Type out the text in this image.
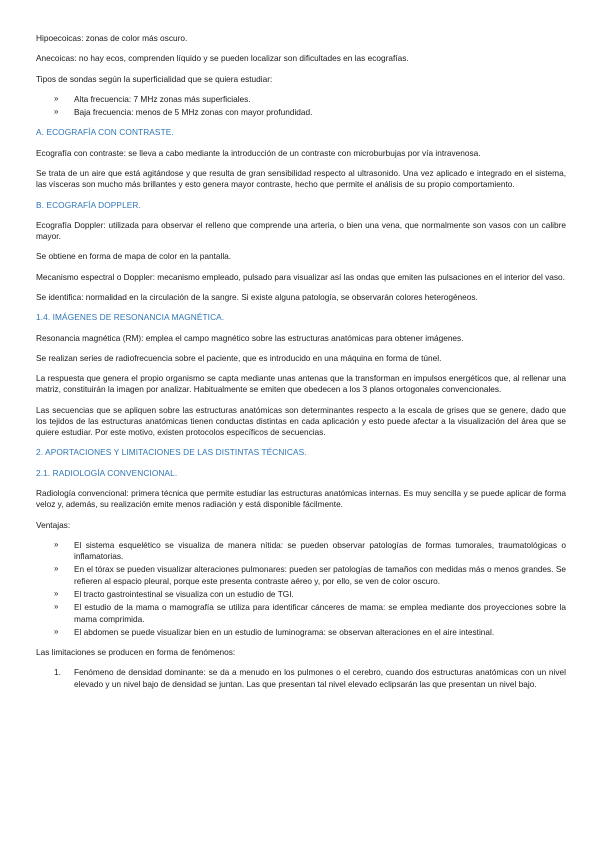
Hipoecoicas: zonas de color más oscuro.

Anecoicas: no hay ecos, comprenden líquido y se pueden localizar son dificultades en las ecografías.

Tipos de sondas según la superficialidad que se quiera estudiar:

» Alta frecuencia: 7 MHz zonas más superficiales.
» Baja frecuencia: menos de 5 MHz zonas con mayor profundidad.
A. ECOGRAFÍA CON CONTRASTE.

Ecografía con contraste: se lleva a cabo mediante la introducción de un contraste con microburbujas por vía intravenosa.

Se trata de un aire que está agitándose y que resulta de gran sensibilidad respecto al ultrasonido. Una vez aplicado e integrado en el sistema, las vísceras son mucho más brillantes y esto genera mayor contraste, hecho que permite el análisis de su propio comportamiento.

B. ECOGRAFÍA DOPPLER.

Ecografía Doppler: utilizada para observar el relleno que comprende una arteria, o bien una vena, que normalmente son vasos con un calibre mayor.

Se obtiene en forma de mapa de color en la pantalla.

Mecanismo espectral o Doppler: mecanismo empleado, pulsado para visualizar así las ondas que emiten las pulsaciones en el interior del vaso.

Se identifica: normalidad en la circulación de la sangre. Si existe alguna patología, se observarán colores heterogéneos.

1.4. IMÁGENES DE RESONANCIA MAGNÉTICA.

Resonancia magnética (RM): emplea el campo magnético sobre las estructuras anatómicas para obtener imágenes.

Se realizan series de radiofrecuencia sobre el paciente, que es introducido en una máquina en forma de túnel.

La respuesta que genera el propio organismo se capta mediante unas antenas que la transforman en impulsos energéticos que, al rellenar una matriz, constituirán la imagen por analizar. Habitualmente se emiten que obedecen a los 3 planos ortogonales convencionales.

Las secuencias que se apliquen sobre las estructuras anatómicas son determinantes respecto a la escala de grises que se genere, dado que los tejidos de las estructuras anatómicas tienen conductas distintas en cada aplicación y esto puede afectar a la visualización del área que se quiere estudiar. Por este motivo, existen protocolos específicos de secuencias.

2. APORTACIONES Y LIMITACIONES DE LAS DISTINTAS TÉCNICAS.
2.1. RADIOLOGÍA CONVENCIONAL.

Radiología convencional: primera técnica que permite estudiar las estructuras anatómicas internas. Es muy sencilla y se puede aplicar de forma veloz y, además, su realización emite menos radiación y está disponible fácilmente.

Ventajas:

» El sistema esquelético se visualiza de manera nítida: se pueden observar patologías de formas tumorales, traumatológicas o inflamatorias.
» En el tórax se pueden visualizar alteraciones pulmonares: pueden ser patologías de tamaños con medidas más o menos grandes. Se refieren al espacio pleural, porque este presenta contraste aéreo y, por ello, se ven de color oscuro.
» El tracto gastrointestinal se visualiza con un estudio de TGI.
» El estudio de la mama o mamografía se utiliza para identificar cánceres de mama: se emplea mediante dos proyecciones sobre la mama comprimida.
» El abdomen se puede visualizar bien en un estudio de luminograma: se observan alteraciones en el aire intestinal.

Las limitaciones se producen en forma de fenómenos:

1. Fenómeno de densidad dominante: se da a menudo en los pulmones o el cerebro, cuando dos estructuras anatómicas con un nivel elevado y un nivel bajo de densidad se juntan. Las que presentan tal nivel elevado eclipsarán las que presentan un nivel bajo.
